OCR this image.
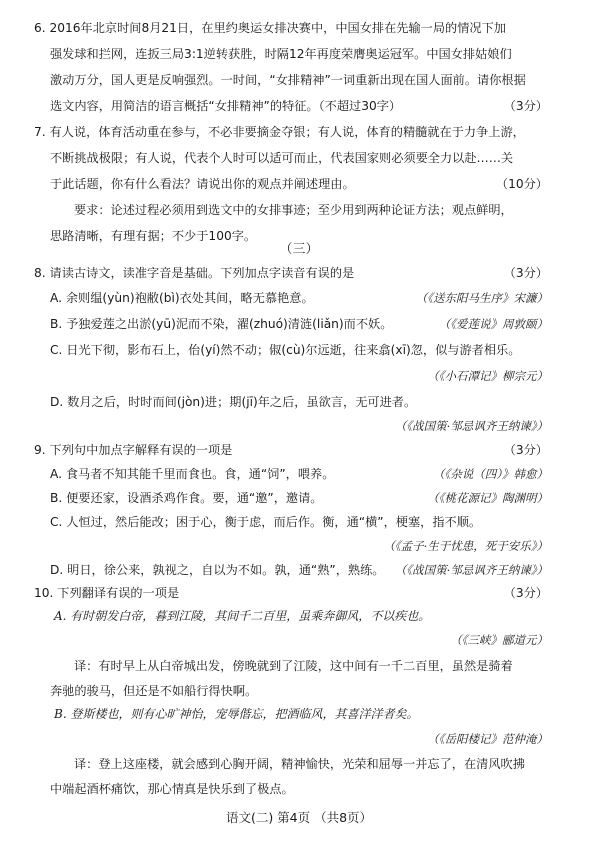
6. 2016年北京时间8月21日，在里约奥运女排决赛中，中国女排在先输一局的情况下加
强发球和拦网，连扳三局3:1逆转获胜，时隔12年再度荣膺奥运冠军。中国女排姑娘们
激动万分，国人更是反响强烈。一时间，“女排精神”一词重新出现在国人面前。请你根据
选文内容，用简洁的语言概括“女排精神”的特征。（不超过30字）	（3分）
7. 有人说，体育活动重在参与，不必非要摘金夺银；有人说，体育的精髓就在于力争上游，
不断挑战极限；有人说，代表个人时可以适可而止，代表国家则必须要全力以赴……关
于此话题，你有什么看法？请说出你的观点并阐述理由。	（10分）
要求：论述过程必须用到选文中的女排事迹；至少用到两种论证方法；观点鲜明，
思路清晰，有理有据；不少于100字。
（三）
8. 请读古诗文，读准字音是基础。下列加点字读音有误的是	（3分）
A. 余则缊(yùn)袍敝(bì)衣处其间，略无慕艳意。	（《送东阳马生序》宋濂）
B. 予独爱莲之出淤(yū)泥而不染，濯(zhuó)清涟(liǎn)而不妖。	（《爱莲说》周敦颐）
C. 日光下彻，影布石上，佁(yí)然不动；俶(cù)尔远逝，往来翕(xī)忽，似与游者相乐。
（《小石潭记》柳宗元）
D. 数月之后，时时而间(jòn)进；期(jī)年之后，虽欲言，无可进者。
（《战国策·邹忌讽齐王纳谏》）
9. 下列句中加点字解释有误的一项是	（3分）
A. 食马者不知其能千里而食也。食，通“饲”，喂养。	（《杂说（四）》韩愈）
B. 便要还家，设酒杀鸡作食。要，通“邀”，邀请。	（《桃花源记》陶渊明）
C. 人恒过，然后能改；困于心，衡于虑，而后作。衡，通“横”，梗塞，指不顺。
（《孟子·生于忧患，死于安乐》）
D. 明日，徐公来，孰视之，自以为不如。孰，通“熟”，熟练。 （《战国策·邹忌讽齐王纳谏》）
10. 下列翻译有误的一项是	（3分）
A. 有时朝发白帝，暮到江陵，其间千二百里，虽乘奔御风，不以疾也。
（《三峡》郦道元）
译：有时早上从白帝城出发，傍晚就到了江陵，这中间有一千二百里，虽然是骑着
奔驰的骏马，但还是不如船行得快啊。
B. 登斯楼也，则有心旷神怡，宠辱偕忘，把酒临风，其喜洋洋者矣。
（《岳阳楼记》范仲淹）
译：登上这座楼，就会感到心胸开阔，精神愉快，光荣和屈辱一并忘了，在清风吹拂
中端起酒杯痛饮，那心情真是快乐到了极点。
语文(二) 第4页 （共8页）
